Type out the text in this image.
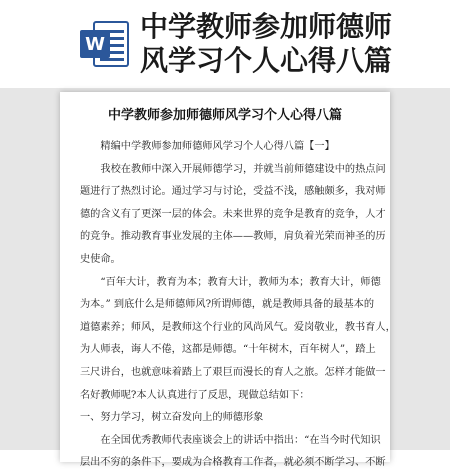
W
中学教师参加师德师
风学习个人心得八篇
中学教师参加师德师风学习个人心得八篇
精编中学教师参加师德师风学习个人心得八篇【一】
我校在教师中深入开展师德学习，并就当前师德建设中的热点问
题进行了热烈讨论。通过学习与讨论，受益不浅，感触颇多，我对师
德的含义有了更深一层的体会。未来世界的竞争是教育的竞争，人才
的竞争。推动教育事业发展的主体——教师，肩负着光荣而神圣的历
史使命。
“百年大计，教育为本；教育大计，教师为本；教育大计，师德
为本。” 到底什么是师德师风?所谓师德，就是教师具备的最基本的
道德素养；师风，是教师这个行业的风尚风气。爱岗敬业，教书育人，
为人师表，诲人不倦，这都是师德。“十年树木，百年树人”，踏上
三尺讲台，也就意味着踏上了艰巨而漫长的育人之旅。怎样才能做一
名好教师呢?本人认真进行了反思，现做总结如下：
一、努力学习，树立奋发向上的师德形象
在全国优秀教师代表座谈会上的讲话中指出：“在当今时代知识
层出不穷的条件下，要成为合格教育工作者，就必须不断学习、不断
